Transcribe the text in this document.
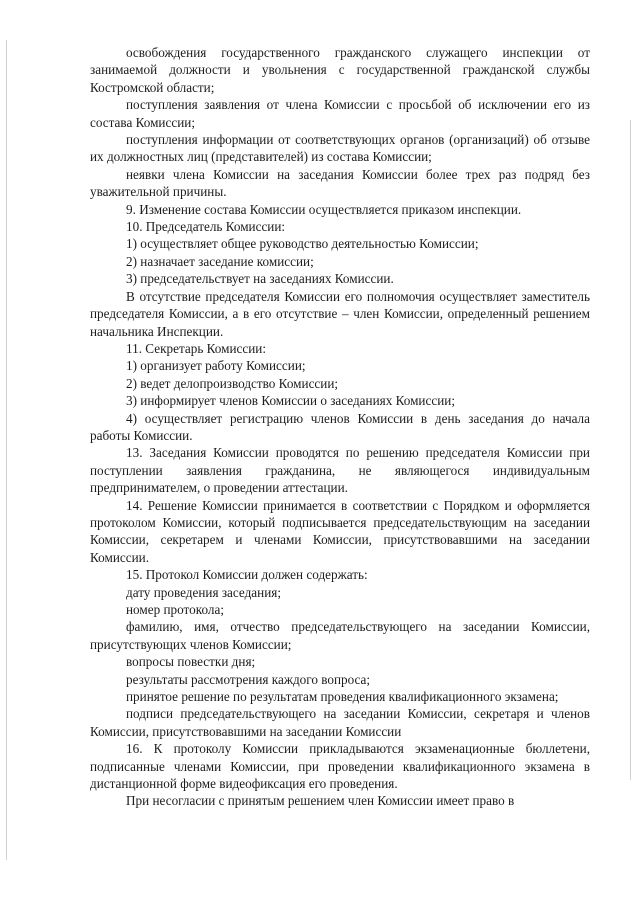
освобождения государственного гражданского служащего инспекции от занимаемой должности и увольнения с государственной гражданской службы Костромской области;

поступления заявления от члена Комиссии с просьбой об исключении его из состава Комиссии;

поступления информации от соответствующих органов (организаций) об отзыве их должностных лиц (представителей) из состава Комиссии;

неявки члена Комиссии на заседания Комиссии более трех раз подряд без уважительной причины.

9. Изменение состава Комиссии осуществляется приказом инспекции.

10. Председатель Комиссии:

1) осуществляет общее руководство деятельностью Комиссии;

2) назначает заседание комиссии;

3) председательствует на заседаниях Комиссии.

В отсутствие председателя Комиссии его полномочия осуществляет заместитель председателя Комиссии, а в его отсутствие – член Комиссии, определенный решением начальника Инспекции.

11. Секретарь Комиссии:

1) организует работу Комиссии;

2) ведет делопроизводство Комиссии;

3) информирует членов Комиссии о заседаниях Комиссии;

4) осуществляет регистрацию членов Комиссии в день заседания до начала работы Комиссии.

13. Заседания Комиссии проводятся по решению председателя Комиссии при поступлении заявления гражданина, не являющегося индивидуальным предпринимателем, о проведении аттестации.

14. Решение Комиссии принимается в соответствии с Порядком и оформляется протоколом Комиссии, который подписывается председательствующим на заседании Комиссии, секретарем и членами Комиссии, присутствовавшими на заседании Комиссии.

15. Протокол Комиссии должен содержать:

дату проведения заседания;

номер протокола;

фамилию, имя, отчество председательствующего на заседании Комиссии, присутствующих членов Комиссии;

вопросы повестки дня;

результаты рассмотрения каждого вопроса;

принятое решение по результатам проведения квалификационного экзамена;

подписи председательствующего на заседании Комиссии, секретаря и членов Комиссии, присутствовавшими на заседании Комиссии

16. К протоколу Комиссии прикладываются экзаменационные бюллетени, подписанные членами Комиссии, при проведении квалификационного экзамена в дистанционной форме видеофиксация его проведения.

При несогласии с принятым решением член Комиссии имеет право в
